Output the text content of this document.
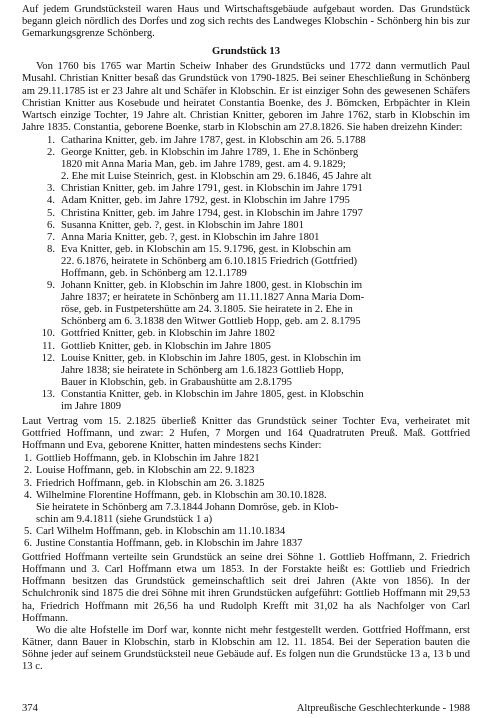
Auf jedem Grundstücksteil waren Haus und Wirtschaftsgebäude aufgebaut worden. Das Grundstück begann gleich nördlich des Dorfes und zog sich rechts des Landweges Klobschin - Schönberg hin bis zur Gemarkungsgrenze Schönberg.

Grundstück 13

Von 1760 bis 1765 war Martin Scheiw Inhaber des Grundstücks und 1772 dann vermutlich Paul Musahl. Christian Knitter besaß das Grundstück von 1790-1825. Bei seiner Eheschließung in Schönberg am 29.11.1785 ist er 23 Jahre alt und Schäfer in Klobschin. Er ist einziger Sohn des gewesenen Schäfers Christian Knitter aus Kosebude und heiratet Constantia Boenke, des J. Bömcken, Erbpächter in Klein Wartsch einzige Tochter, 19 Jahre alt. Christian Knitter, geboren im Jahre 1762, starb in Klobschin im Jahre 1835. Constantia, geborene Boenke, starb in Klobschin am 27.8.1826. Sie haben dreizehn Kinder:

1. Catharina Knitter, geb. im Jahre 1787, gest. in Klobschin am 26. 5.1788
2. George Knitter, geb. in Klobschin im Jahre 1789, 1. Ehe in Schönberg
1820 mit Anna Maria Man, geb. im Jahre 1789, gest. am 4. 9.1829;
2. Ehe mit Luise Steinrich, gest. in Klobschin am 29. 6.1846, 45 Jahre alt
3. Christian Knitter, geb. im Jahre 1791, gest. in Klobschin im Jahre 1791
4. Adam Knitter, geb. im Jahre 1792, gest. in Klobschin im Jahre 1795
5. Christina Knitter, geb. im Jahre 1794, gest. in Klobschin im Jahre 1797
6. Susanna Knitter, geb. ?, gest. in Klobschin im Jahre 1801
7. Anna Maria Knitter, geb. ?, gest. in Klobschin im Jahre 1801
8. Eva Knitter, geb. in Klobschin am 15. 9.1796, gest. in Klobschin am
22. 6.1876, heiratete in Schönberg am 6.10.1815 Friedrich (Gottfried)
Hoffmann, geb. in Schönberg am 12.1.1789
9. Johann Knitter, geb. in Klobschin im Jahre 1800, gest. in Klobschin im
Jahre 1837; er heiratete in Schönberg am 11.11.1827 Anna Maria Dom-
röse, geb. in Fustpetershütte am 24. 3.1805. Sie heiratete in 2. Ehe in
Schönberg am 6. 3.1838 den Witwer Gottlieb Hopp, geb. am 2. 8.1795
10. Gottfried Knitter, geb. in Klobschin im Jahre 1802
11. Gottlieb Knitter, geb. in Klobschin im Jahre 1805
12. Louise Knitter, geb. in Klobschin im Jahre 1805, gest. in Klobschin im
Jahre 1838; sie heiratete in Schönberg am 1.6.1823 Gottlieb Hopp,
Bauer in Klobschin, geb. in Grabaushütte am 2.8.1795
13. Constantia Knitter, geb. in Klobschin im Jahre 1805, gest. in Klobschin
im Jahre 1809

Laut Vertrag vom 15. 2.1825 überließ Knitter das Grundstück seiner Tochter Eva, verheiratet mit Gottfried Hoffmann, und zwar: 2 Hufen, 7 Morgen und 164 Quadratruten Preuß. Maß. Gottfried Hoffmann und Eva, geborene Knitter, hatten mindestens sechs Kinder:

1. Gottlieb Hoffmann, geb. in Klobschin im Jahre 1821
2. Louise Hoffmann, geb. in Klobschin am 22. 9.1823
3. Friedrich Hoffmann, geb. in Klobschin am 26. 3.1825
4. Wilhelmine Florentine Hoffmann, geb. in Klobschin am 30.10.1828.
Sie heiratete in Schönberg am 7.3.1844 Johann Domröse, geb. in Klob-
schin am 9.4.1811 (siehe Grundstück 1 a)
5. Carl Wilhelm Hoffmann, geb. in Klobschin am 11.10.1834
6. Justine Constantia Hoffmann, geb. in Klobschin im Jahre 1837

Gottfried Hoffmann verteilte sein Grundstück an seine drei Söhne 1. Gottlieb Hoffmann, 2. Friedrich Hoffmann und 3. Carl Hoffmann etwa um 1853. In der Forstakte heißt es: Gottlieb und Friedrich Hoffmann besitzen das Grundstück gemeinschaftlich seit drei Jahren (Akte von 1856). In der Schulchronik sind 1875 die drei Söhne mit ihren Grundstücken aufgeführt: Gottlieb Hoffmann mit 29,53 ha, Friedrich Hoffmann mit 26,56 ha und Rudolph Krefft mit 31,02 ha als Nachfolger von Carl Hoffmann.

Wo die alte Hofstelle im Dorf war, konnte nicht mehr festgestellt werden. Gottfried Hoffmann, erst Kätner, dann Bauer in Klobschin, starb in Klobschin am 12. 11. 1854. Bei der Seperation bauten die Söhne jeder auf seinem Grundstücksteil neue Gebäude auf. Es folgen nun die Grundstücke 13 a, 13 b und 13 c.

374	Altpreußische Geschlechterkunde - 1988
